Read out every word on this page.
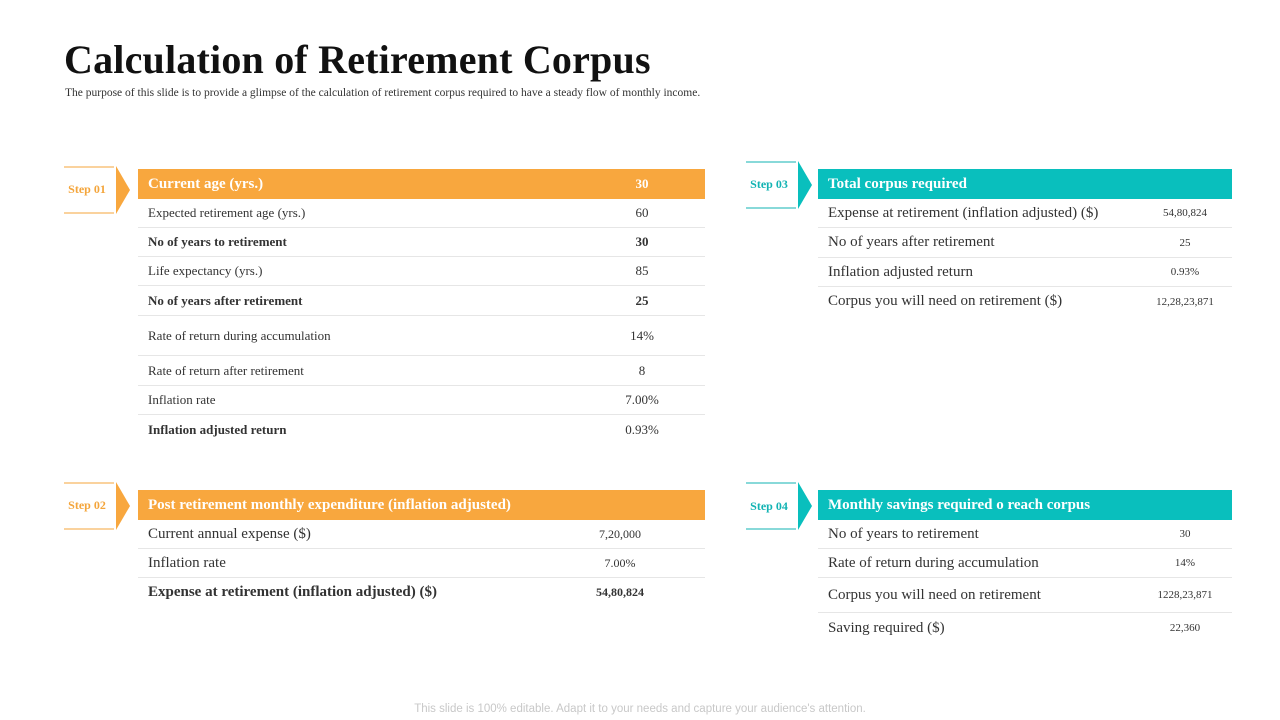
Calculation of Retirement Corpus
The purpose of this slide is to provide a glimpse of the calculation of retirement corpus required to have a steady flow of monthly income.
Step 01	Current age (yrs.)	30
Expected retirement age (yrs.)	60
No of years to retirement	30
Life expectancy (yrs.)	85
No of years after retirement	25
Rate of return during accumulation	14%
Rate of return after retirement	8
Inflation rate	7.00%
Inflation adjusted return	0.93%
Step 02	Post retirement monthly expenditure (inflation adjusted)
Current annual expense ($)	7,20,000
Inflation rate	7.00%
Expense at retirement (inflation adjusted) ($)	54,80,824
Step 03	Total corpus required
Expense at retirement (inflation adjusted) ($)	54,80,824
No of years after retirement	25
Inflation adjusted return	0.93%
Corpus you will need on retirement ($)	12,28,23,871
Step 04	Monthly savings required o reach corpus
No of years to retirement	30
Rate of return during accumulation	14%
Corpus you will need on retirement	1228,23,871
Saving required ($)	22,360
This slide is 100% editable. Adapt it to your needs and capture your audience's attention.
